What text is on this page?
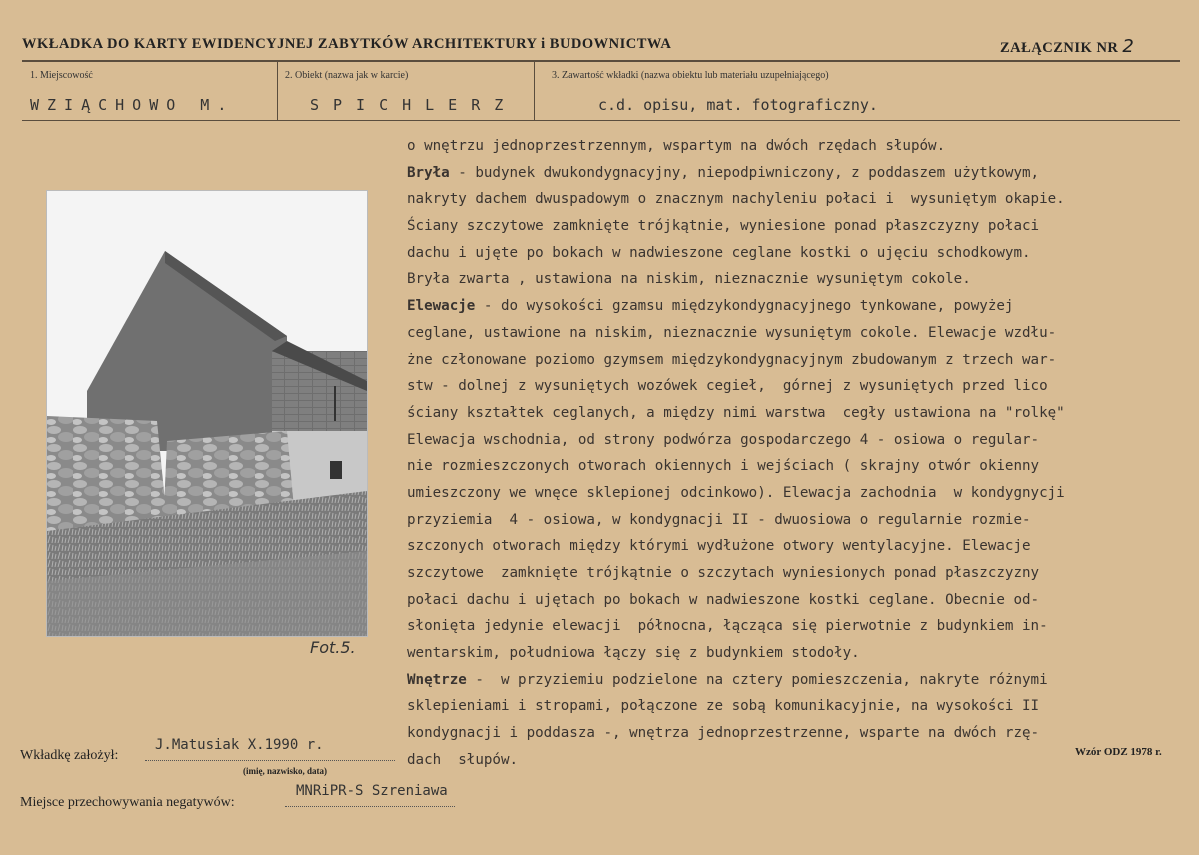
WKŁADKA DO KARTY EWIDENCYJNEJ ZABYTKÓW ARCHITEKTURY i BUDOWNICTWA	ZAŁĄCZNIK NR 2
1. Miejscowość
WZIĄCHOWO M.
2. Obiekt (nazwa jak w karcie)
SPICHLERZ
3. Zawartość wkładki (nazwa obiektu lub materiału uzupełniającego)
c.d. opisu, mat. fotograficzny.
o wnętrzu jednoprzestrzennym, wspartym na dwóch rzędach słupów.
Bryła - budynek dwukondygnacyjny, niepodpiwniczony, z poddaszem użytkowym,
nakryty dachem dwuspadowym o znacznym nachyleniu połaci i  wysuniętym okapie.
Ściany szczytowe zamknięte trójkątnie, wyniesione ponad płaszczyzny połaci
dachu i ujęte po bokach w nadwieszone ceglane kostki o ujęciu schodkowym.
Bryła zwarta , ustawiona na niskim, nieznacznie wysuniętym cokole.
Elewacje - do wysokości gzamsu międzykondygnacyjnego tynkowane, powyżej
ceglane, ustawione na niskim, nieznacznie wysuniętym cokole. Elewacje wzdłu-
żne członowane poziomo gzymsem międzykondygnacyjnym zbudowanym z trzech war-
stw - dolnej z wysuniętych wozówek cegieł,  górnej z wysuniętych przed lico
ściany kształtek ceglanych, a między nimi warstwa  cegły ustawiona na "rolkę"
Elewacja wschodnia, od strony podwórza gospodarczego 4 - osiowa o regular-
nie rozmieszczonych otworach okiennych i wejściach ( skrajny otwór okienny
umieszczony we wnęce sklepionej odcinkowo). Elewacja zachodnia  w kondygnycji
przyziemia  4 - osiowa, w kondygnacji II - dwuosiowa o regularnie rozmie-
szczonych otworach między którymi wydłużone otwory wentylacyjne. Elewacje
szczytowe  zamknięte trójkątnie o szczytach wyniesionych ponad płaszczyzny
połaci dachu i ujętach po bokach w nadwieszone kostki ceglane. Obecnie od-
słonięta jedynie elewacji  północna, łącząca się pierwotnie z budynkiem in-
wentarskim, południowa łączy się z budynkiem stodoły.
Wnętrze -  w przyziemiu podzielone na cztery pomieszczenia, nakryte różnymi
sklepieniami i stropami, połączone ze sobą komunikacyjnie, na wysokości II
kondygnacji i poddasza -‚ wnętrza jednoprzestrzenne, wsparte na dwóch rzę-
dach  słupów.
Fot.5.
Wkładkę założył:
J.Matusiak X.1990 r.
(imię, nazwisko, data)
Miejsce przechowywania negatywów:
MNRiPR-S Szreniawa
Wzór ODZ 1978 r.
